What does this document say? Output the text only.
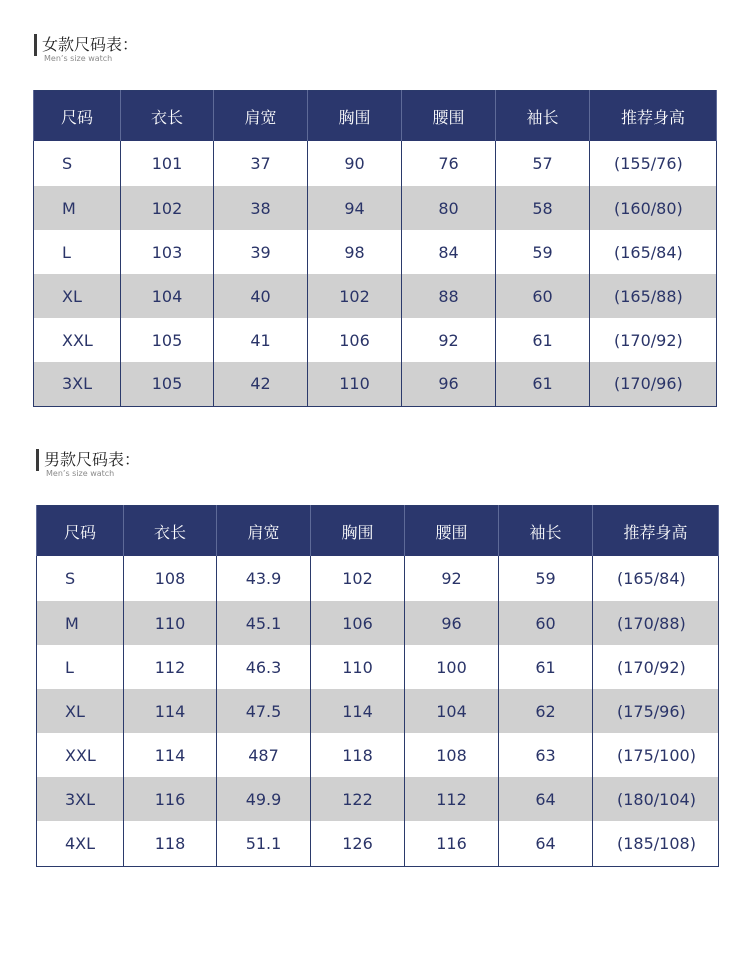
女款尺码表：
Men’s size watch
尺码	衣长	肩宽	胸围	腰围	袖长	推荐身高
S	101	37	90	76	57	(155/76)
M	102	38	94	80	58	(160/80)
L	103	39	98	84	59	(165/84)
XL	104	40	102	88	60	(165/88)
XXL	105	41	106	92	61	(170/92)
3XL	105	42	110	96	61	(170/96)
男款尺码表：
Men’s size watch
尺码	衣长	肩宽	胸围	腰围	袖长	推荐身高
S	108	43.9	102	92	59	(165/84)
M	110	45.1	106	96	60	(170/88)
L	112	46.3	110	100	61	(170/92)
XL	114	47.5	114	104	62	(175/96)
XXL	114	487	118	108	63	(175/100)
3XL	116	49.9	122	112	64	(180/104)
4XL	118	51.1	126	116	64	(185/108)
